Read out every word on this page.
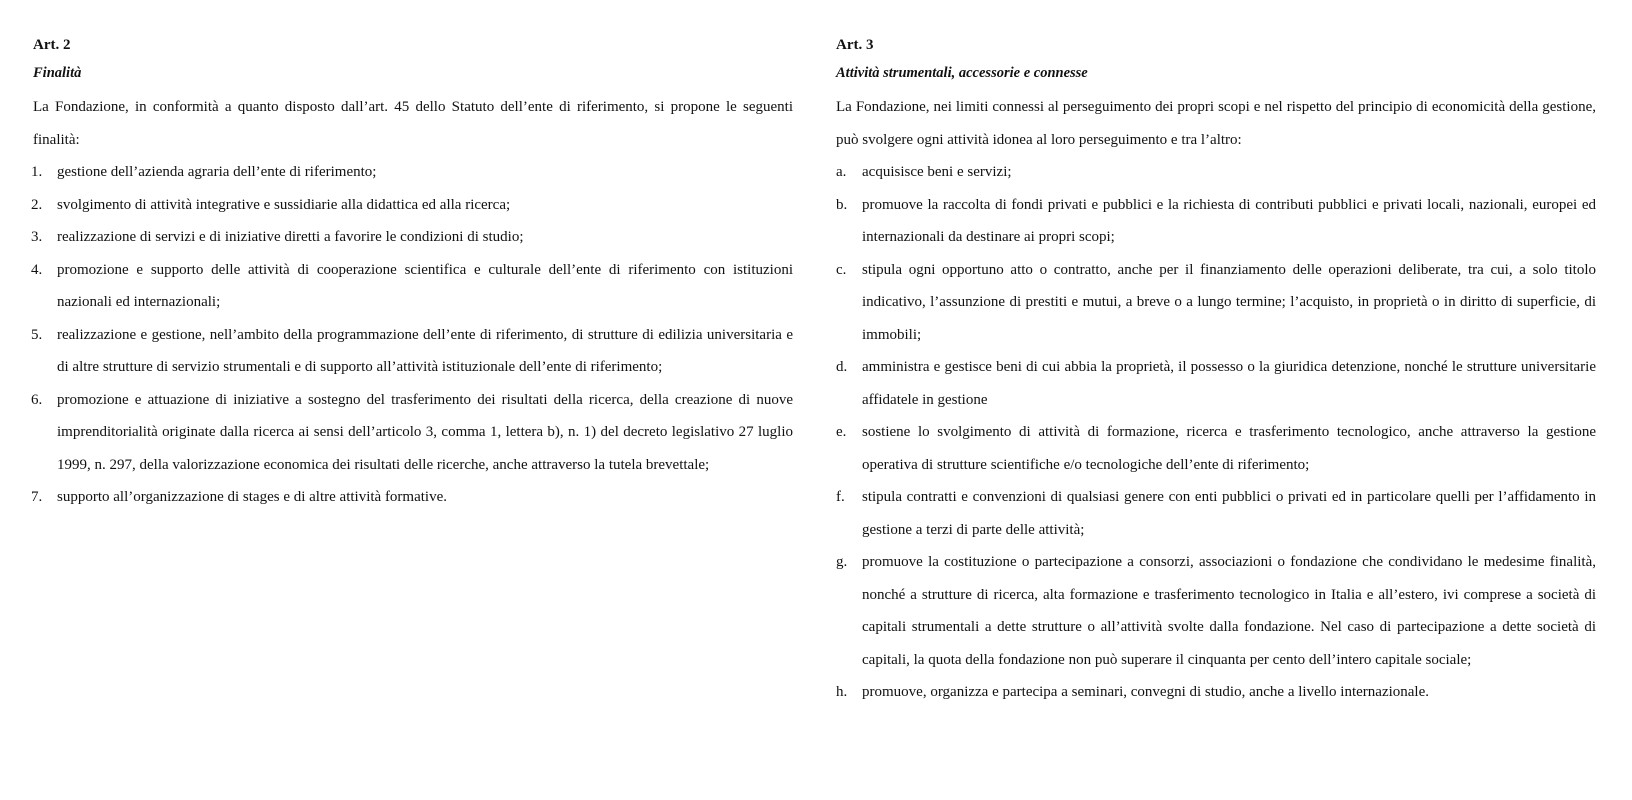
Art. 2
Finalità

La Fondazione, in conformità a quanto disposto dall’art. 45 dello Statuto dell’ente di riferimento, si propone le seguenti finalità:

1. gestione dell’azienda agraria dell’ente di riferimento;
2. svolgimento di attività integrative e sussidiarie alla didattica ed alla ricerca;
3. realizzazione di servizi e di iniziative diretti a favorire le condizioni di studio;
4. promozione e supporto delle attività di cooperazione scientifica e culturale dell’ente di riferimento con istituzioni nazionali ed internazionali;
5. realizzazione e gestione, nell’ambito della programmazione dell’ente di riferimento, di strutture di edilizia universitaria e di altre strutture di servizio strumentali e di supporto all’attività istituzionale dell’ente di riferimento;
6. promozione e attuazione di iniziative a sostegno del trasferimento dei risultati della ricerca, della creazione di nuove imprenditorialità originate dalla ricerca ai sensi dell’articolo 3, comma 1, lettera b), n. 1) del decreto legislativo 27 luglio 1999, n. 297, della valorizzazione economica dei risultati delle ricerche, anche attraverso la tutela brevettale;
7. supporto all’organizzazione di stages e di altre attività formative.
Art. 3
Attività strumentali, accessorie e connesse

La Fondazione, nei limiti connessi al perseguimento dei propri scopi e nel rispetto del principio di economicità della gestione, può svolgere ogni attività idonea al loro perseguimento e tra l’altro:

a. acquisisce beni e servizi;
b. promuove la raccolta di fondi privati e pubblici e la richiesta di contributi pubblici e privati locali, nazionali, europei ed internazionali da destinare ai propri scopi;
c. stipula ogni opportuno atto o contratto, anche per il finanziamento delle operazioni deliberate, tra cui, a solo titolo indicativo, l’assunzione di prestiti e mutui, a breve o a lungo termine; l’acquisto, in proprietà o in diritto di superficie, di immobili;
d. amministra e gestisce beni di cui abbia la proprietà, il possesso o la giuridica detenzione, nonché le strutture universitarie affidatele in gestione
e. sostiene lo svolgimento di attività di formazione, ricerca e trasferimento tecnologico, anche attraverso la gestione operativa di strutture scientifiche e/o tecnologiche dell’ente di riferimento;
f. stipula contratti e convenzioni di qualsiasi genere con enti pubblici o privati ed in particolare quelli per l’affidamento in gestione a terzi di parte delle attività;
g. promuove la costituzione o partecipazione a consorzi, associazioni o fondazione che condividano le medesime finalità, nonché a strutture di ricerca, alta formazione e trasferimento tecnologico in Italia e all’estero, ivi comprese a società di capitali strumentali a dette strutture o all’attività svolte dalla fondazione. Nel caso di partecipazione a dette società di capitali, la quota della fondazione non può superare il cinquanta per cento dell’intero capitale sociale;
h. promuove, organizza e partecipa a seminari, convegni di studio, anche a livello internazionale.
